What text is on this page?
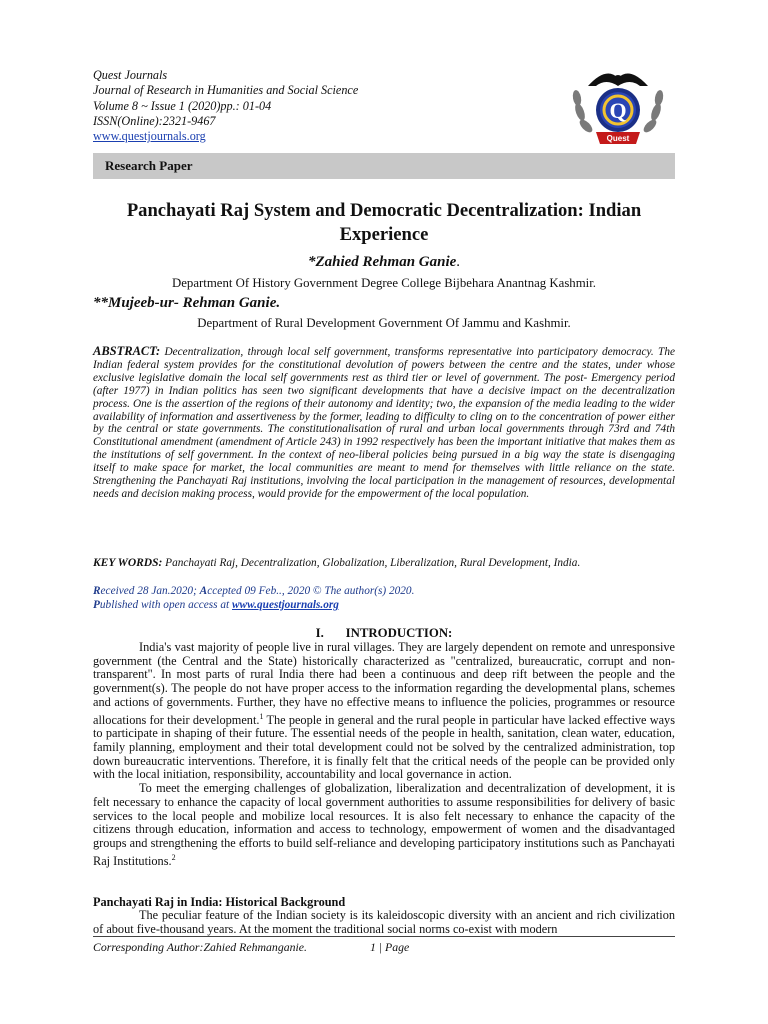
Quest Journals
Journal of Research in Humanities and Social Science
Volume 8 ~ Issue 1 (2020)pp.: 01-04
ISSN(Online):2321-9467
www.questjournals.org
Q
Quest
Research Paper
Panchayati Raj System and Democratic Decentralization: Indian Experience
*Zahied Rehman Ganie.
Department Of History Government Degree College Bijbehara Anantnag Kashmir.
**Mujeeb-ur- Rehman Ganie.
Department of Rural Development Government Of Jammu and Kashmir.
ABSTRACT: Decentralization, through local self government, transforms representative into participatory democracy. The Indian federal system provides for the constitutional devolution of powers between the centre and the states, under whose exclusive legislative domain the local self governments rest as third tier or level of government. The post- Emergency period (after 1977) in Indian politics has seen two significant developments that have a decisive impact on the decentralization process. One is the assertion of the regions of their autonomy and identity; two, the expansion of the media leading to the wider availability of information and assertiveness by the former, leading to difficulty to cling on to the concentration of power either by the central or state governments. The constitutionalisation of rural and urban local governments through 73rd and 74th Constitutional amendment (amendment of Article 243) in 1992 respectively has been the important initiative that makes them as the institutions of self government. In the context of neo-liberal policies being pursued in a big way the state is disengaging itself to make space for market, the local communities are meant to mend for themselves with little reliance on the state. Strengthening the Panchayati Raj institutions, involving the local participation in the management of resources, developmental needs and decision making process, would provide for the empowerment of the local population.
KEY WORDS: Panchayati Raj, Decentralization, Globalization, Liberalization, Rural Development, India.
Received 28 Jan.2020; Accepted 09 Feb.., 2020 © The author(s) 2020.
Published with open access at www.questjournals.org
I. INTRODUCTION:

India's vast majority of people live in rural villages. They are largely dependent on remote and unresponsive government (the Central and the State) historically characterized as "centralized, bureaucratic, corrupt and non-transparent". In most parts of rural India there had been a continuous and deep rift between the people and the government(s). The people do not have proper access to the information regarding the developmental plans, schemes and actions of governments. Further, they have no effective means to influence the policies, programmes or resource allocations for their development.$^1$ The people in general and the rural people in particular have lacked effective ways to participate in shaping of their future. The essential needs of the people in health, sanitation, clean water, education, family planning, employment and their total development could not be solved by the centralized administration, top down bureaucratic interventions. Therefore, it is finally felt that the critical needs of the people can be provided only with the local initiation, responsibility, accountability and local governance in action.

To meet the emerging challenges of globalization, liberalization and decentralization of development, it is felt necessary to enhance the capacity of local government authorities to assume responsibilities for delivery of basic services to the local people and mobilize local resources. It is also felt necessary to enhance the capacity of the citizens through education, information and access to technology, empowerment of women and the disadvantaged groups and strengthening the efforts to build self-reliance and developing participatory institutions such as Panchayati Raj Institutions.$^2$

Panchayati Raj in India: Historical Background

The peculiar feature of the Indian society is its kaleidoscopic diversity with an ancient and rich civilization of about five-thousand years. At the moment the traditional social norms co-exist with modern

Corresponding Author:Zahied Rehmanganie.	1 | Page
